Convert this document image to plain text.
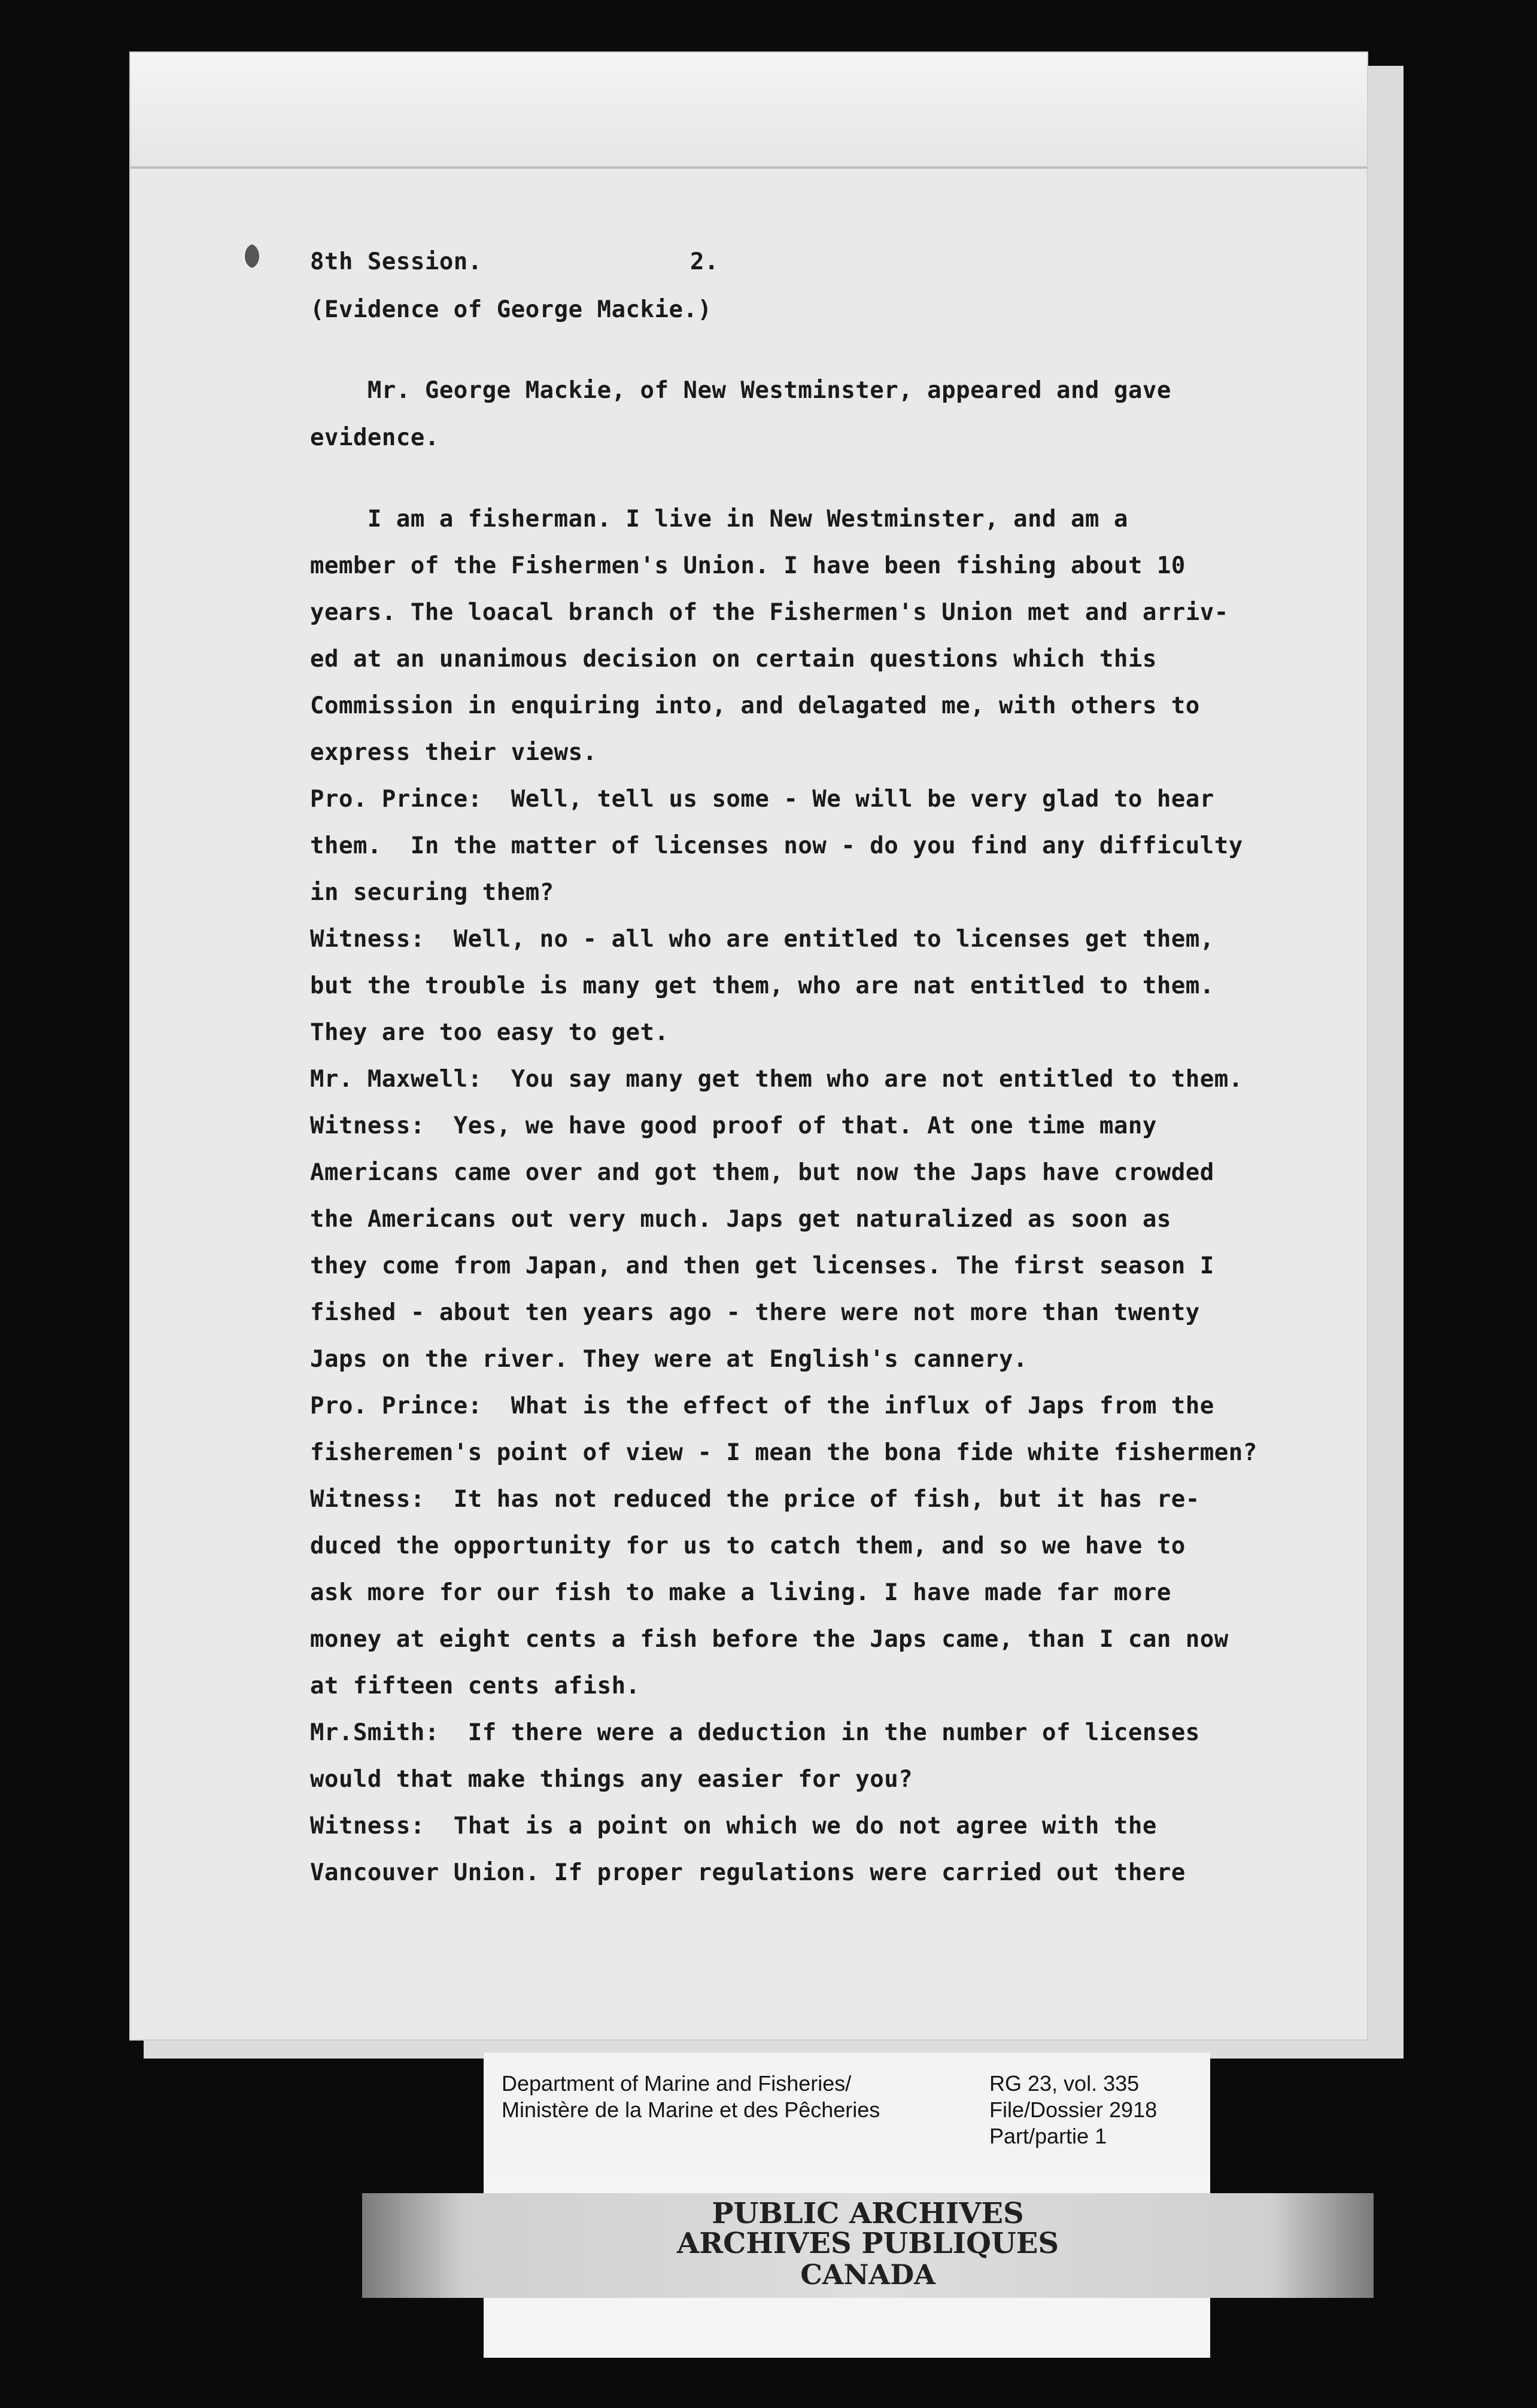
8th Session.	2.
(Evidence of George Mackie.)
Mr. George Mackie, of New Westminster, appeared and gave
evidence.
I am a fisherman. I live in New Westminster, and am a
member of the Fishermen's Union. I have been fishing about 10
years. The loacal branch of the Fishermen's Union met and arriv-
ed at an unanimous decision on certain questions which this
Commission in enquiring into, and delagated me, with others to
express their views.
Pro. Prince:  Well, tell us some - We will be very glad to hear
them.  In the matter of licenses now - do you find any difficulty
in securing them?
Witness:  Well, no - all who are entitled to licenses get them,
but the trouble is many get them, who are nat entitled to them.
They are too easy to get.
Mr. Maxwell:  You say many get them who are not entitled to them.
Witness:  Yes, we have good proof of that. At one time many
Americans came over and got them, but now the Japs have crowded
the Americans out very much. Japs get naturalized as soon as
they come from Japan, and then get licenses. The first season I
fished - about ten years ago - there were not more than twenty
Japs on the river. They were at English's cannery.
Pro. Prince:  What is the effect of the influx of Japs from the
fisheremen's point of view - I mean the bona fide white fishermen?
Witness:  It has not reduced the price of fish, but it has re-
duced the opportunity for us to catch them, and so we have to
ask more for our fish to make a living. I have made far more
money at eight cents a fish before the Japs came, than I can now
at fifteen cents afish.
Mr.Smith:  If there were a deduction in the number of licenses
would that make things any easier for you?
Witness:  That is a point on which we do not agree with the
Vancouver Union. If proper regulations were carried out there
Department of Marine and Fisheries/
Ministère de la Marine et des Pêcheries
RG 23, vol. 335
File/Dossier 2918
Part/partie 1
PUBLIC ARCHIVES
ARCHIVES PUBLIQUES
CANADA
